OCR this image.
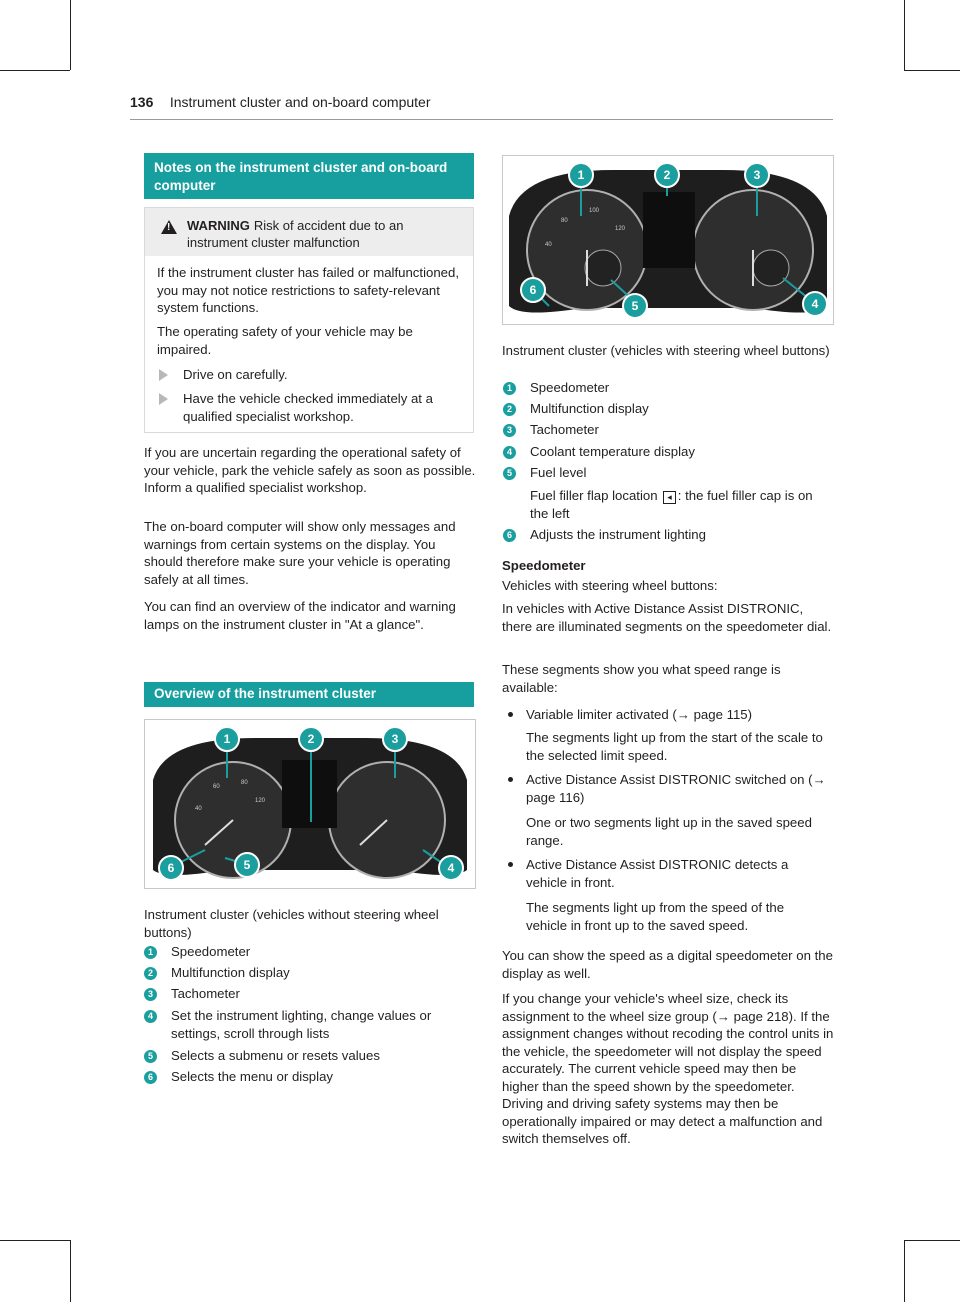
136 Instrument cluster and on-board computer
Notes on the instrument cluster and on-board computer
!
WARNING Risk of accident due to an instrument cluster malfunction
If the instrument cluster has failed or malfunctioned, you may not notice restrictions to safety-relevant system functions.
The operating safety of your vehicle may be impaired.
Drive on carefully.
Have the vehicle checked immediately at a qualified specialist workshop.
If you are uncertain regarding the operational safety of your vehicle, park the vehicle safely as soon as possible. Inform a qualified specialist workshop.
The on-board computer will show only messages and warnings from certain systems on the display. You should therefore make sure your vehicle is operating safely at all times.
You can find an overview of the indicator and warning lamps on the instrument cluster in "At a glance".
Overview of the instrument cluster
40
60
80
120
1	2	3
4
5
6
Instrument cluster (vehicles without steering wheel buttons)
1	Speedometer
2	Multifunction display
3	Tachometer
4	Set the instrument lighting, change values or settings, scroll through lists
5	Selects a submenu or resets values
6	Selects the menu or display
40
80
100
120
1	2	3
4
5
6
Instrument cluster (vehicles with steering wheel buttons)
1	Speedometer
2	Multifunction display
3	Tachometer
4	Coolant temperature display
5	Fuel level
Fuel filler flap location ◂ : the fuel filler cap is on the left
6	Adjusts the instrument lighting
Speedometer
Vehicles with steering wheel buttons:
In vehicles with Active Distance Assist DISTRONIC, there are illuminated segments on the speedometer dial.
These segments show you what speed range is available:
Variable limiter activated (→ page 115)
The segments light up from the start of the scale to the selected limit speed.
Active Distance Assist DISTRONIC switched on (→ page 116)
One or two segments light up in the saved speed range.
Active Distance Assist DISTRONIC detects a vehicle in front.
The segments light up from the speed of the vehicle in front up to the saved speed.
You can show the speed as a digital speedometer on the display as well.
If you change your vehicle's wheel size, check its assignment to the wheel size group (→ page 218). If the assignment changes without recoding the control units in the vehicle, the speedometer will not display the speed accurately. The current vehicle speed may then be higher than the speed shown by the speedometer. Driving and driving safety systems may then be operationally impaired or may detect a malfunction and switch themselves off.
